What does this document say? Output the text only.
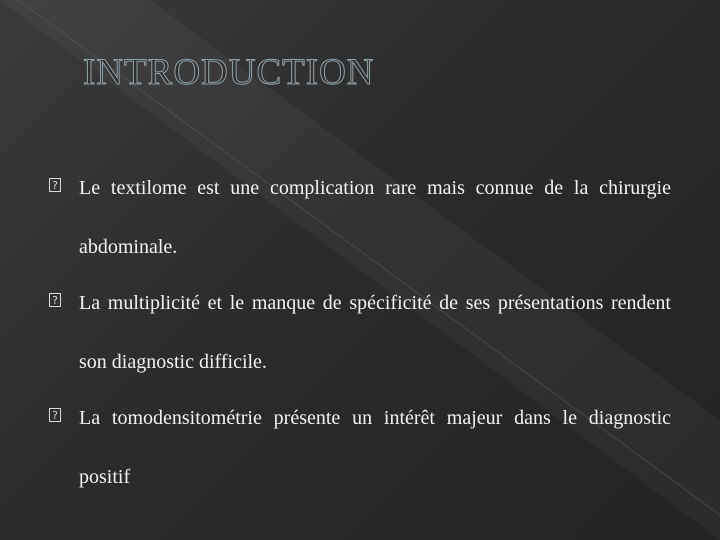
INTRODUCTION
? Le textilome est une complication rare mais connue de la chirurgie abdominale.
? La multiplicité et le manque de spécificité de ses présentations rendent son diagnostic difficile.
? La tomodensitométrie présente un intérêt majeur dans le diagnostic positif
